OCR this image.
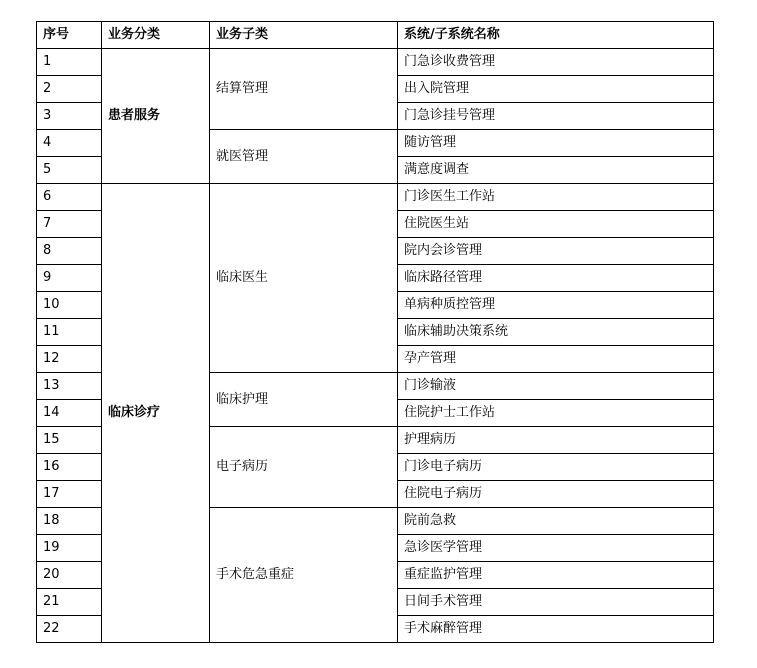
序号	业务分类	业务子类	系统/子系统名称
1	患者服务	结算管理	门急诊收费管理
2			出入院管理
3			门急诊挂号管理
4		就医管理	随访管理
5			满意度调查
6	临床诊疗	临床医生	门诊医生工作站
7			住院医生站
8			院内会诊管理
9			临床路径管理
10			单病种质控管理
11			临床辅助决策系统
12			孕产管理
13		临床护理	门诊输液
14			住院护士工作站
15		电子病历	护理病历
16			门诊电子病历
17			住院电子病历
18		手术危急重症	院前急救
19			急诊医学管理
20			重症监护管理
21			日间手术管理
22			手术麻醉管理
